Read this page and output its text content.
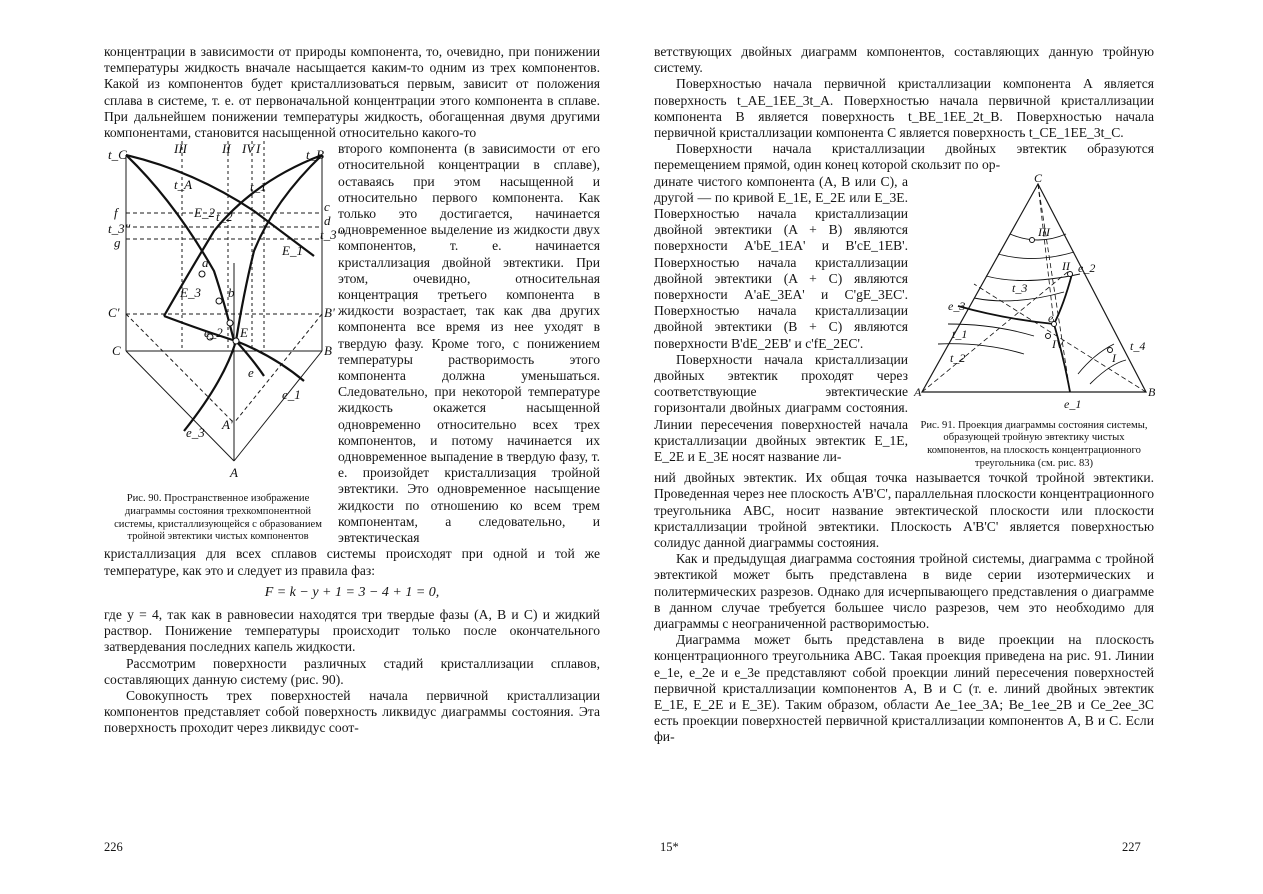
концентрации в зависимости от природы компонента, то, очевидно, при понижении температуры жидкость вначале насыщается каким-то одним из трех компонентов. Какой из компонентов будет кристаллизоваться первым, зависит от положения сплава в системе, т. е. от первоначальной концентрации этого компонента в сплаве. При дальнейшем понижении температуры жидкость, обогащенная двумя другими компонентами, становится насыщенной относительно какого-то

t_C	t_B
t_A	t_1
t_2
f
t_3''
g
c
d
t_3'''
C'	B'
C	B
A
A'
E
E_1
E_2
E_3
e
e_1
e_2
e_3
a
b
I
II
III	IV
Рис. 90. Пространственное изображение диаграммы состояния трехкомпонентной системы, кристаллизующейся с образованием тройной эвтектики чистых компонентов

второго компонента (в зависимости от его относительной концентрации в сплаве), оставаясь при этом насыщенной и относительно первого компонента. Как только это достигается, начинается одновременное выделение из жидкости двух компонентов, т. е. начинается кристаллизация двойной эвтектики. При этом, очевидно, относительная концентрация третьего компонента в жидкости возрастает, так как два других компонента все время из нее уходят в твердую фазу. Кроме того, с понижением температуры растворимость этого компонента должна уменьшаться. Следовательно, при некоторой температуре жидкость окажется насыщенной одновременно относительно всех трех компонентов, и потому начинается их одновременное выпадение в твердую фазу, т. е. произойдет кристаллизация тройной эвтектики. Это одновременное насыщение жидкости по отношению ко всем трем компонентам, а следовательно, и эвтектическая

кристаллизация для всех сплавов системы происходят при одной и той же температуре, как это и следует из правила фаз:

F = k − y + 1 = 3 − 4 + 1 = 0,

где y = 4, так как в равновесии находятся три твердые фазы (A, B и C) и жидкий раствор. Понижение температуры происходит только после окончательного затвердевания последних капель жидкости.

Рассмотрим поверхности различных стадий кристаллизации сплавов, составляющих данную систему (рис. 90).

Совокупность трех поверхностей начала первичной кристаллизации компонентов представляет собой поверхность ликвидус диаграммы состояния. Эта поверхность проходит через ликвидус соот-

226

ветствующих двойных диаграмм компонентов, составляющих данную тройную систему.

Поверхностью начала первичной кристаллизации компонента A является поверхность t_AE_1EE_3t_A. Поверхностью начала первичной кристаллизации компонента B является поверхность t_BE_1EE_2t_B. Поверхностью начала первичной кристаллизации компонента C является поверхность t_CE_1EE_3t_C.

Поверхности начала кристаллизации двойных эвтектик образуются перемещением прямой, один конец которой скользит по ор-

C
A	B
e
e_1
e_2
e_3
t_1
t_2
t_3
t_4
I
II
III
IV
Рис. 91. Проекция диаграммы состояния системы, образующей тройную эвтектику чистых компонентов, на плоскость концентрационного треугольника (см. рис. 83)

динате чистого компонента (A, B или C), а другой — по кривой E_1E, E_2E или E_3E. Поверхностью начала кристаллизации двойной эвтектики (A + B) являются поверхности A'bE_1EA' и B'cE_1EB'. Поверхностью начала кристаллизации двойной эвтектики (A + C) являются поверхности A'aE_3EA' и C'gE_3EC'. Поверхностью начала кристаллизации двойной эвтектики (B + C) являются поверхности B'dE_2EB' и c'fE_2EC'.

Поверхности начала кристаллизации двойных эвтектик проходят через соответствующие эвтектические горизонтали двойных диаграмм состояния. Линии пересечения поверхностей начала кристаллизации двойных эвтектик E_1E, E_2E и E_3E носят название ли-

ний двойных эвтектик. Их общая точка называется точкой тройной эвтектики. Проведенная через нее плоскость A'B'C', параллельная плоскости концентрационного треугольника ABC, носит название эвтектической плоскости или плоскости кристаллизации тройной эвтектики. Плоскость A'B'C' является поверхностью солидус данной диаграммы состояния.

Как и предыдущая диаграмма состояния тройной системы, диаграмма с тройной эвтектикой может быть представлена в виде серии изотермических и политермических разрезов. Однако для исчерпывающего представления о диаграмме в данном случае требуется большее число разрезов, чем это необходимо для диаграммы с неограниченной растворимостью.

Диаграмма может быть представлена в виде проекции на плоскость концентрационного треугольника ABC. Такая проекция приведена на рис. 91. Линии e_1e, e_2e и e_3e представляют собой проекции линий пересечения поверхностей первичной кристаллизации компонентов A, B и C (т. е. линий двойных эвтектик E_1E, E_2E и E_3E). Таким образом, области Ae_1ee_3A; Be_1ee_2B и Ce_2ee_3C есть проекции поверхностей первичной кристаллизации компонентов A, B и C. Если фи-

15*	227
